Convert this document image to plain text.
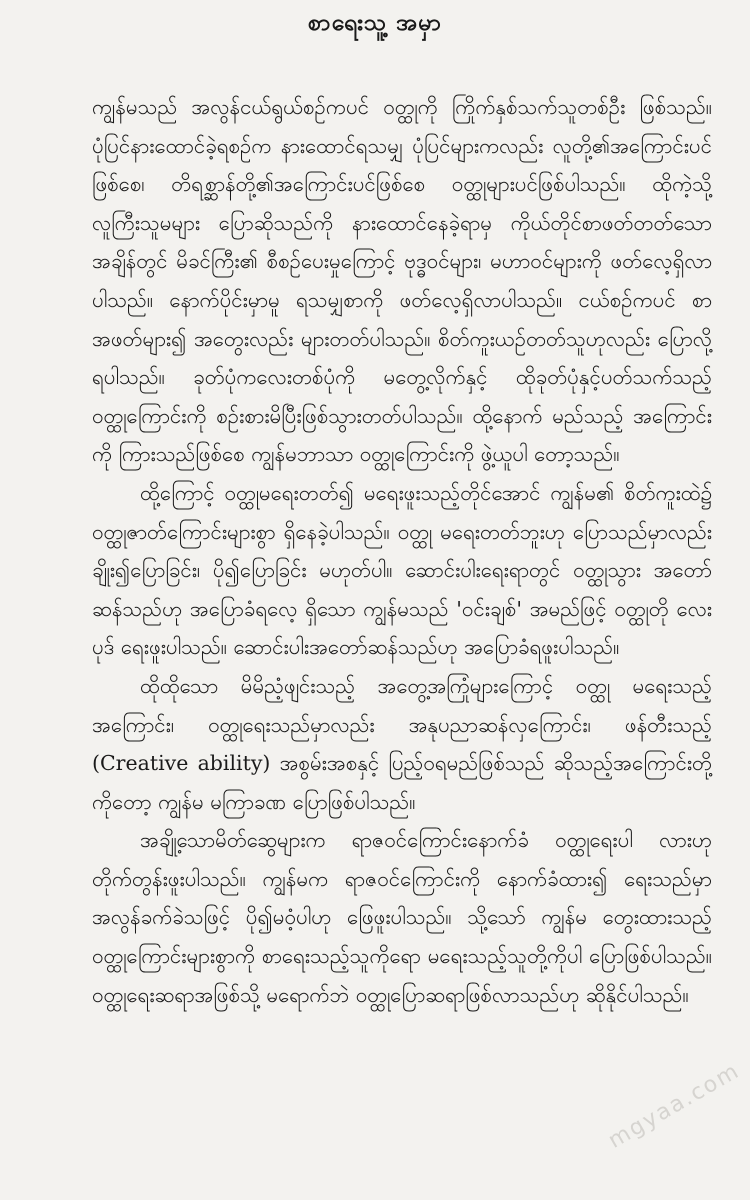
စာရေးသူ့ အမှာ

ကျွန်မသည် အလွန်ငယ်ရွယ်စဉ်ကပင် ဝတ္ထုကို ကြိုက်နှစ်သက်သူတစ်ဦး ဖြစ်သည်။ ပုံပြင်နားထောင်ခဲ့ရစဉ်က နားထောင်ရသမျှ ပုံပြင်များကလည်း လူတို့၏အကြောင်းပင်ဖြစ်စေ၊ တိရစ္ဆာန်တို့၏အကြောင်းပင်ဖြစ်စေ ဝတ္ထုများပင်ဖြစ်ပါသည်။ ထိုကဲ့သို့ လူကြီးသူမများ ပြောဆိုသည်ကို နားထောင်နေခဲ့ရာမှ ကိုယ်တိုင်စာဖတ်တတ်သောအချိန်တွင် မိခင်ကြီး၏ စီစဉ်ပေးမှုကြောင့် ဗုဒ္ဓဝင်များ၊ မဟာဝင်များကို ဖတ်လေ့ရှိလာပါသည်။ နောက်ပိုင်းမှာမူ ရသမျှစာကို ဖတ်လေ့ရှိလာပါသည်။ ငယ်စဉ်ကပင် စာအဖတ်များ၍ အတွေးလည်း များတတ်ပါသည်။ စိတ်ကူးယဉ်တတ်သူဟုလည်း ပြောလို့ရပါသည်။ ခုတ်ပုံကလေးတစ်ပုံကို မတွေ့လိုက်နှင့် ထိုခုတ်ပုံနှင့်ပတ်သက်သည့် ဝတ္ထုကြောင်းကို စဉ်းစားမိပြီးဖြစ်သွားတတ်ပါသည်။ ထို့နောက် မည်သည့် အကြောင်းကို ကြားသည်ဖြစ်စေ ကျွန်မဘာသာ ဝတ္ထုကြောင်းကို ဖွဲ့ယူပါ တော့သည်။

ထို့ကြောင့် ဝတ္ထုမရေးတတ်၍ မရေးဖူးသည့်တိုင်အောင် ကျွန်မ၏ စိတ်ကူးထဲ၌ ဝတ္ထုဇာတ်ကြောင်းများစွာ ရှိနေခဲ့ပါသည်။ ဝတ္ထု မရေးတတ်ဘူးဟု ပြောသည်မှာလည်း ချိုး၍ပြောခြင်း၊ ပို၍ပြောခြင်း မဟုတ်ပါ။ ဆောင်းပါးရေးရာတွင် ဝတ္ထုသွား အတော်ဆန်သည်ဟု အပြောခံရလေ့ ရှိသော ကျွန်မသည် 'ဝင်းချစ်' အမည်ဖြင့် ဝတ္ထုတို လေးပုဒ် ရေးဖူးပါသည်။ ဆောင်းပါးအတော်ဆန်သည်ဟု အပြောခံရဖူးပါသည်။

ထိုထိုသော မိမိညံ့ဖျင်းသည့် အတွေ့အကြုံများကြောင့် ဝတ္ထု မရေးသည့်အကြောင်း၊ ဝတ္ထုရေးသည်မှာလည်း အနုပညာဆန်လှကြောင်း၊ ဖန်တီးသည့် (Creative ability) အစွမ်းအစနှင့် ပြည့်ဝရမည်ဖြစ်သည် ဆိုသည့်အကြောင်းတို့ကိုတော့ ကျွန်မ မကြာခဏ ပြောဖြစ်ပါသည်။

အချို့သောမိတ်ဆွေများက ရာဇဝင်ကြောင်းနောက်ခံ ဝတ္ထုရေးပါ လားဟု တိုက်တွန်းဖူးပါသည်။ ကျွန်မက ရာဇဝင်ကြောင်းကို နောက်ခံထား၍ ရေးသည်မှာ အလွန်ခက်ခဲသဖြင့် ပို၍မဝံ့ပါဟု ဖြေဖူးပါသည်။ သို့သော် ကျွန်မ တွေးထားသည့် ဝတ္ထုကြောင်းများစွာကို စာရေးသည့်သူကိုရော မရေးသည့်သူတို့ကိုပါ ပြောဖြစ်ပါသည်။ ဝတ္ထုရေးဆရာအဖြစ်သို့ မရောက်ဘဲ ဝတ္ထုပြောဆရာဖြစ်လာသည်ဟု ဆိုနိုင်ပါသည်။

mgyaa.com
